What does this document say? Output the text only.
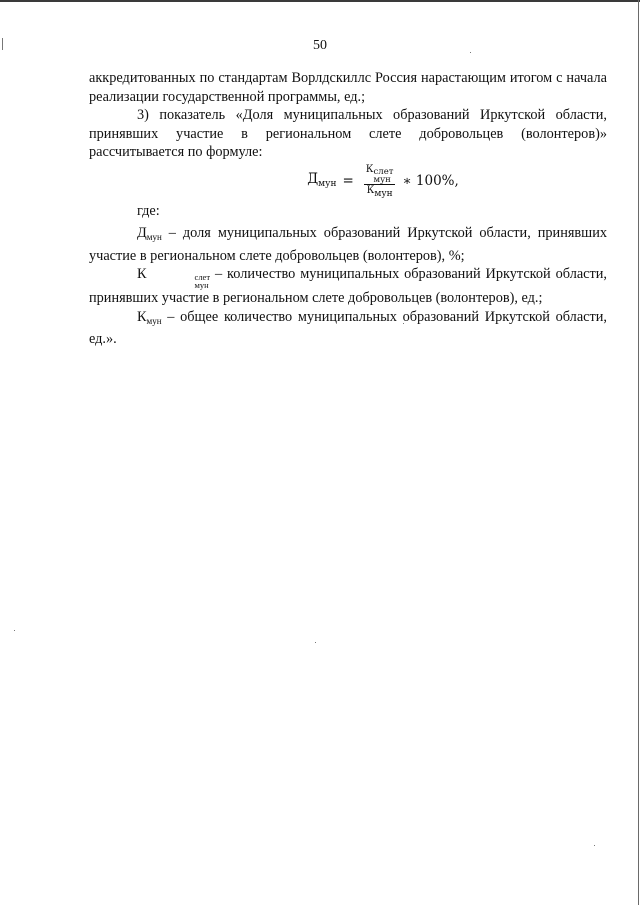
50

аккредитованных по стандартам Ворлдскиллс Россия нарастающим итогом с начала реализации государственной программы, ед.;

3) показатель «Доля муниципальных образований Иркутской области, принявших участие в региональном слете добровольцев (волонтеров)» рассчитывается по формуле:

$Д_{мун} = К$ слет
мун
Кмун ∗ 100%,

где:

$Д_{мун}$ – доля муниципальных образований Иркутской области, принявших участие в региональном слете добровольцев (волонтеров), %;

К	слет
мун
– количество муниципальных образований Иркутской области, принявших участие в региональном слете добровольцев (волонтеров), ед.;

$К_{мун}$ – общее количество муниципальных образований Иркутской области, ед.».
